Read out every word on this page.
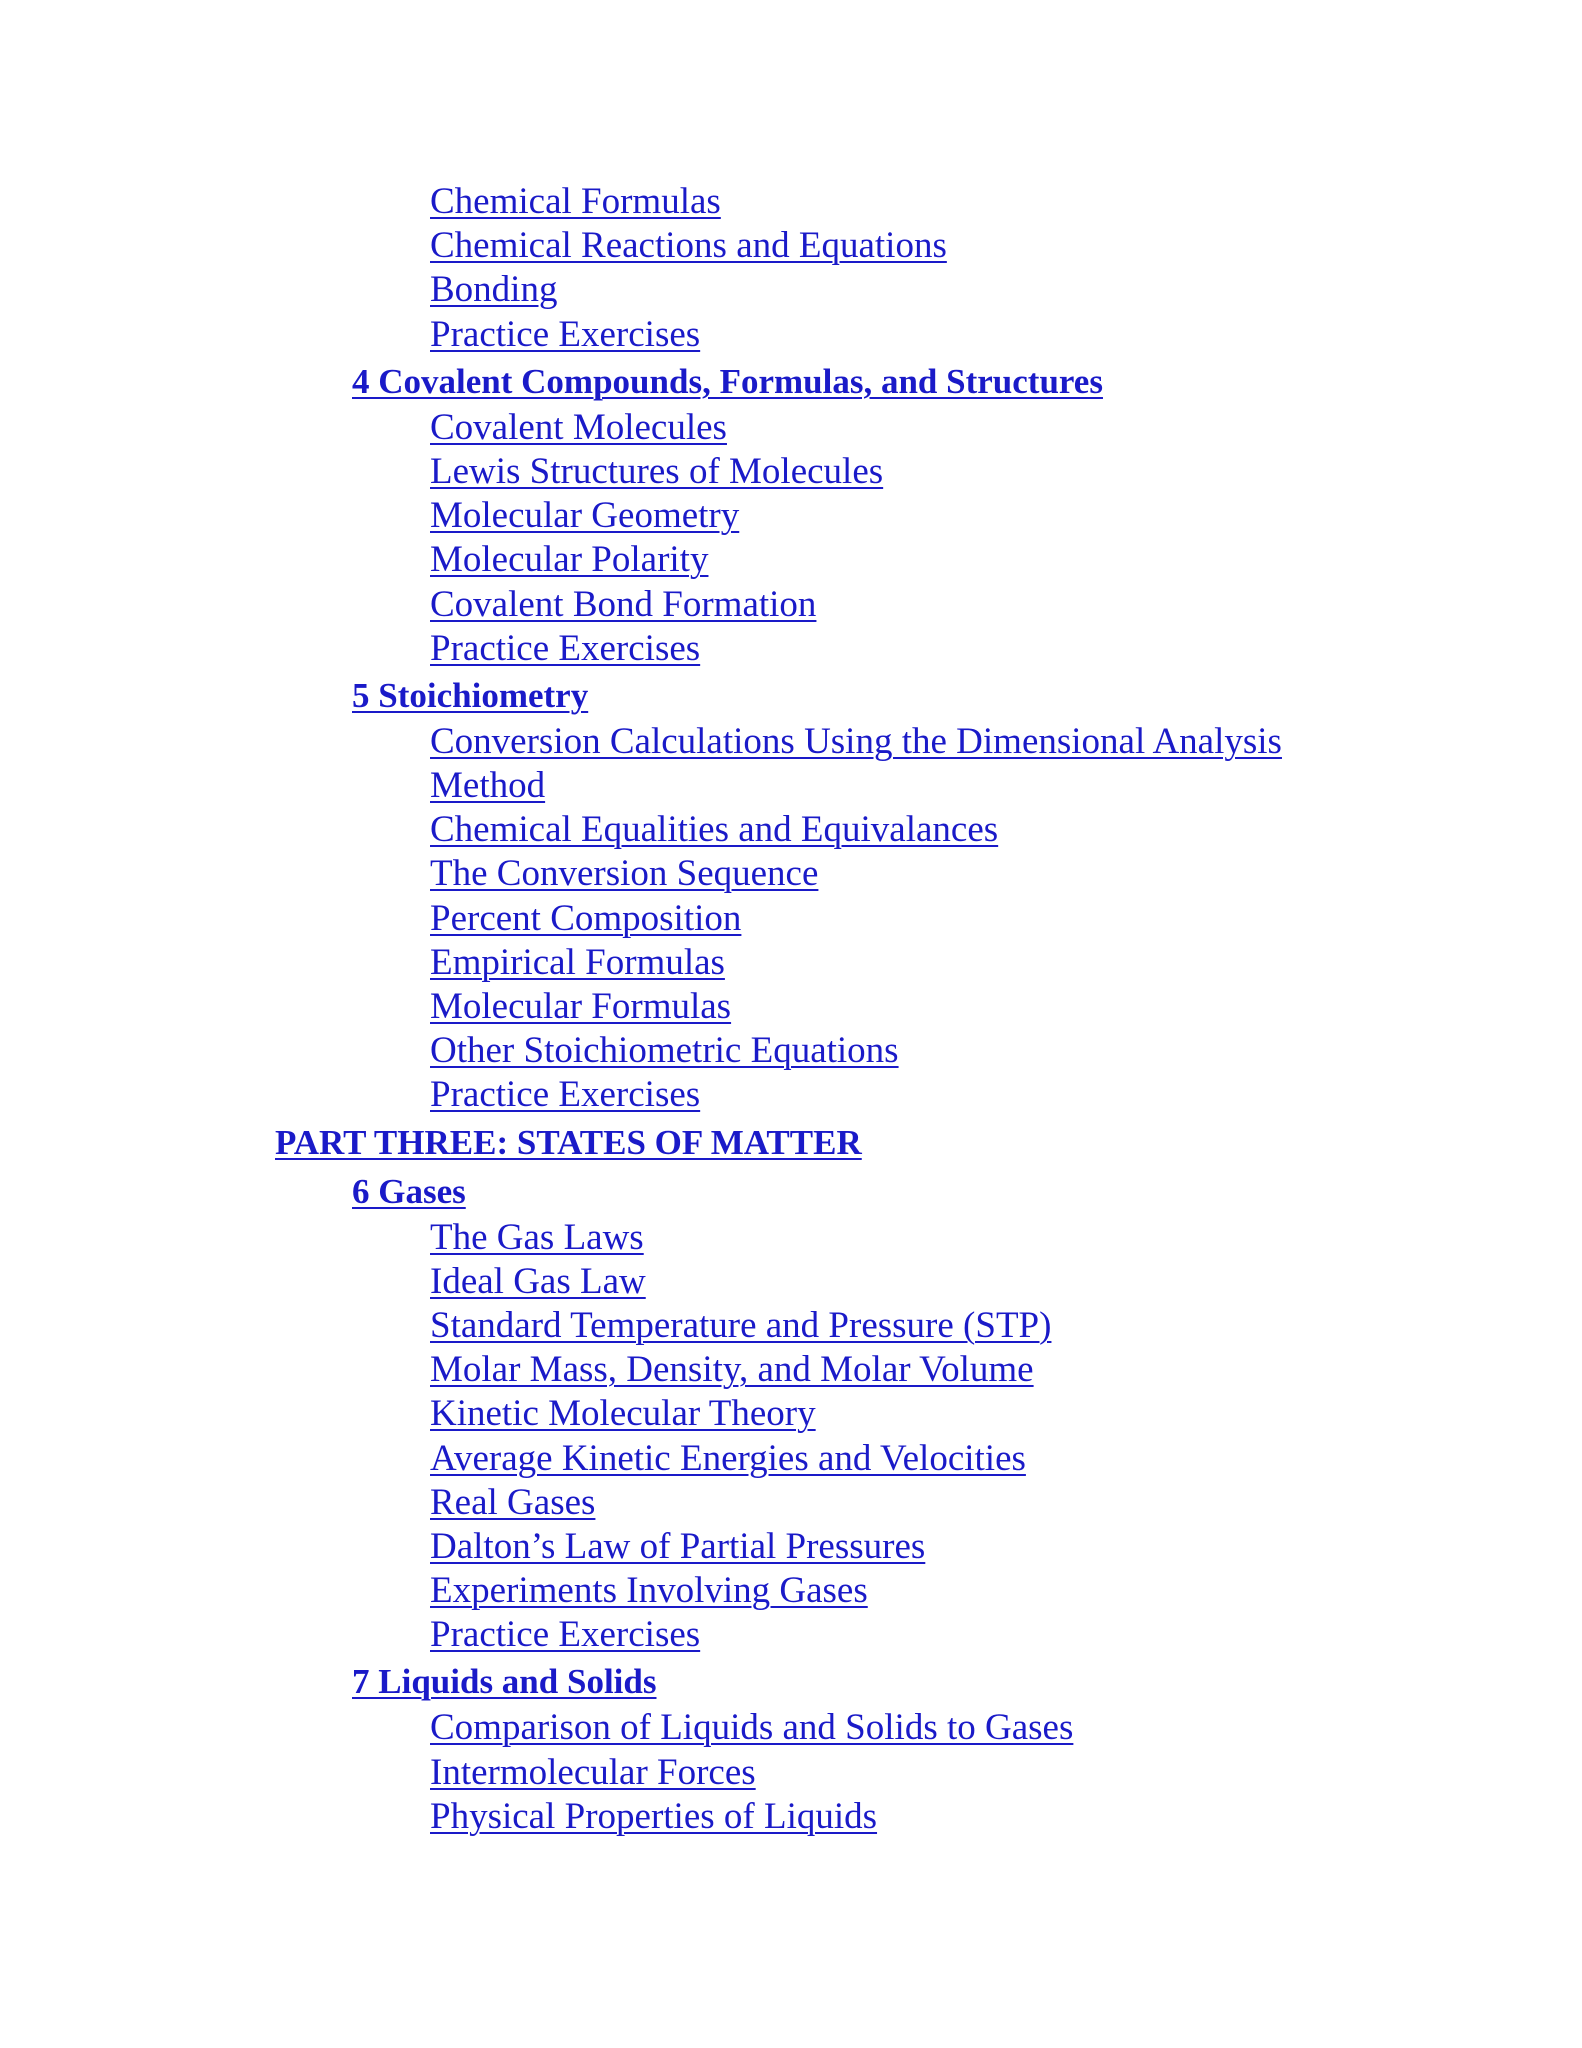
Chemical Formulas
Chemical Reactions and Equations
Bonding
Practice Exercises
4 Covalent Compounds, Formulas, and Structures
Covalent Molecules
Lewis Structures of Molecules
Molecular Geometry
Molecular Polarity
Covalent Bond Formation
Practice Exercises
5 Stoichiometry
Conversion Calculations Using the Dimensional Analysis
Method
Chemical Equalities and Equivalances
The Conversion Sequence
Percent Composition
Empirical Formulas
Molecular Formulas
Other Stoichiometric Equations
Practice Exercises
PART THREE: STATES OF MATTER
6 Gases
The Gas Laws
Ideal Gas Law
Standard Temperature and Pressure (STP)
Molar Mass, Density, and Molar Volume
Kinetic Molecular Theory
Average Kinetic Energies and Velocities
Real Gases
Dalton’s Law of Partial Pressures
Experiments Involving Gases
Practice Exercises
7 Liquids and Solids
Comparison of Liquids and Solids to Gases
Intermolecular Forces
Physical Properties of Liquids
